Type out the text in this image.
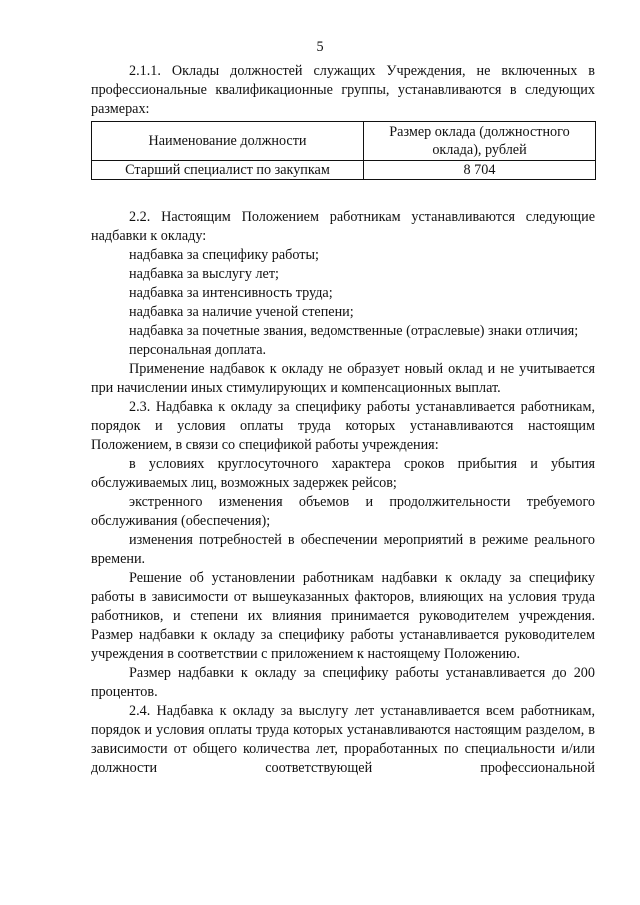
5

2.1.1. Оклады должностей служащих Учреждения, не включенных в профессиональные квалификационные группы, устанавливаются в следующих размерах:

Наименование должности	Размер оклада (должностного оклада), рублей
Старший специалист по закупкам	8 704

2.2. Настоящим Положением работникам устанавливаются следующие надбавки к окладу:

надбавка за специфику работы;

надбавка за выслугу лет;

надбавка за интенсивность труда;

надбавка за наличие ученой степени;

надбавка за почетные звания, ведомственные (отраслевые) знаки отличия;

персональная доплата.

Применение надбавок к окладу не образует новый оклад и не учитывается при начислении иных стимулирующих и компенсационных выплат.

2.3. Надбавка к окладу за специфику работы устанавливается работникам, порядок и условия оплаты труда которых устанавливаются настоящим Положением, в связи со спецификой работы учреждения:

в условиях круглосуточного характера сроков прибытия и убытия обслуживаемых лиц, возможных задержек рейсов;

экстренного изменения объемов и продолжительности требуемого обслуживания (обеспечения);

изменения потребностей в обеспечении мероприятий в режиме реального времени.

Решение об установлении работникам надбавки к окладу за специфику работы в зависимости от вышеуказанных факторов, влияющих на условия труда работников, и степени их влияния принимается руководителем учреждения. Размер надбавки к окладу за специфику работы устанавливается руководителем учреждения в соответствии с приложением к настоящему Положению.

Размер надбавки к окладу за специфику работы устанавливается до 200 процентов.

2.4. Надбавка к окладу за выслугу лет устанавливается всем работникам, порядок и условия оплаты труда которых устанавливаются настоящим разделом, в зависимости от общего количества лет, проработанных по специальности и/или должности соответствующей профессиональной
